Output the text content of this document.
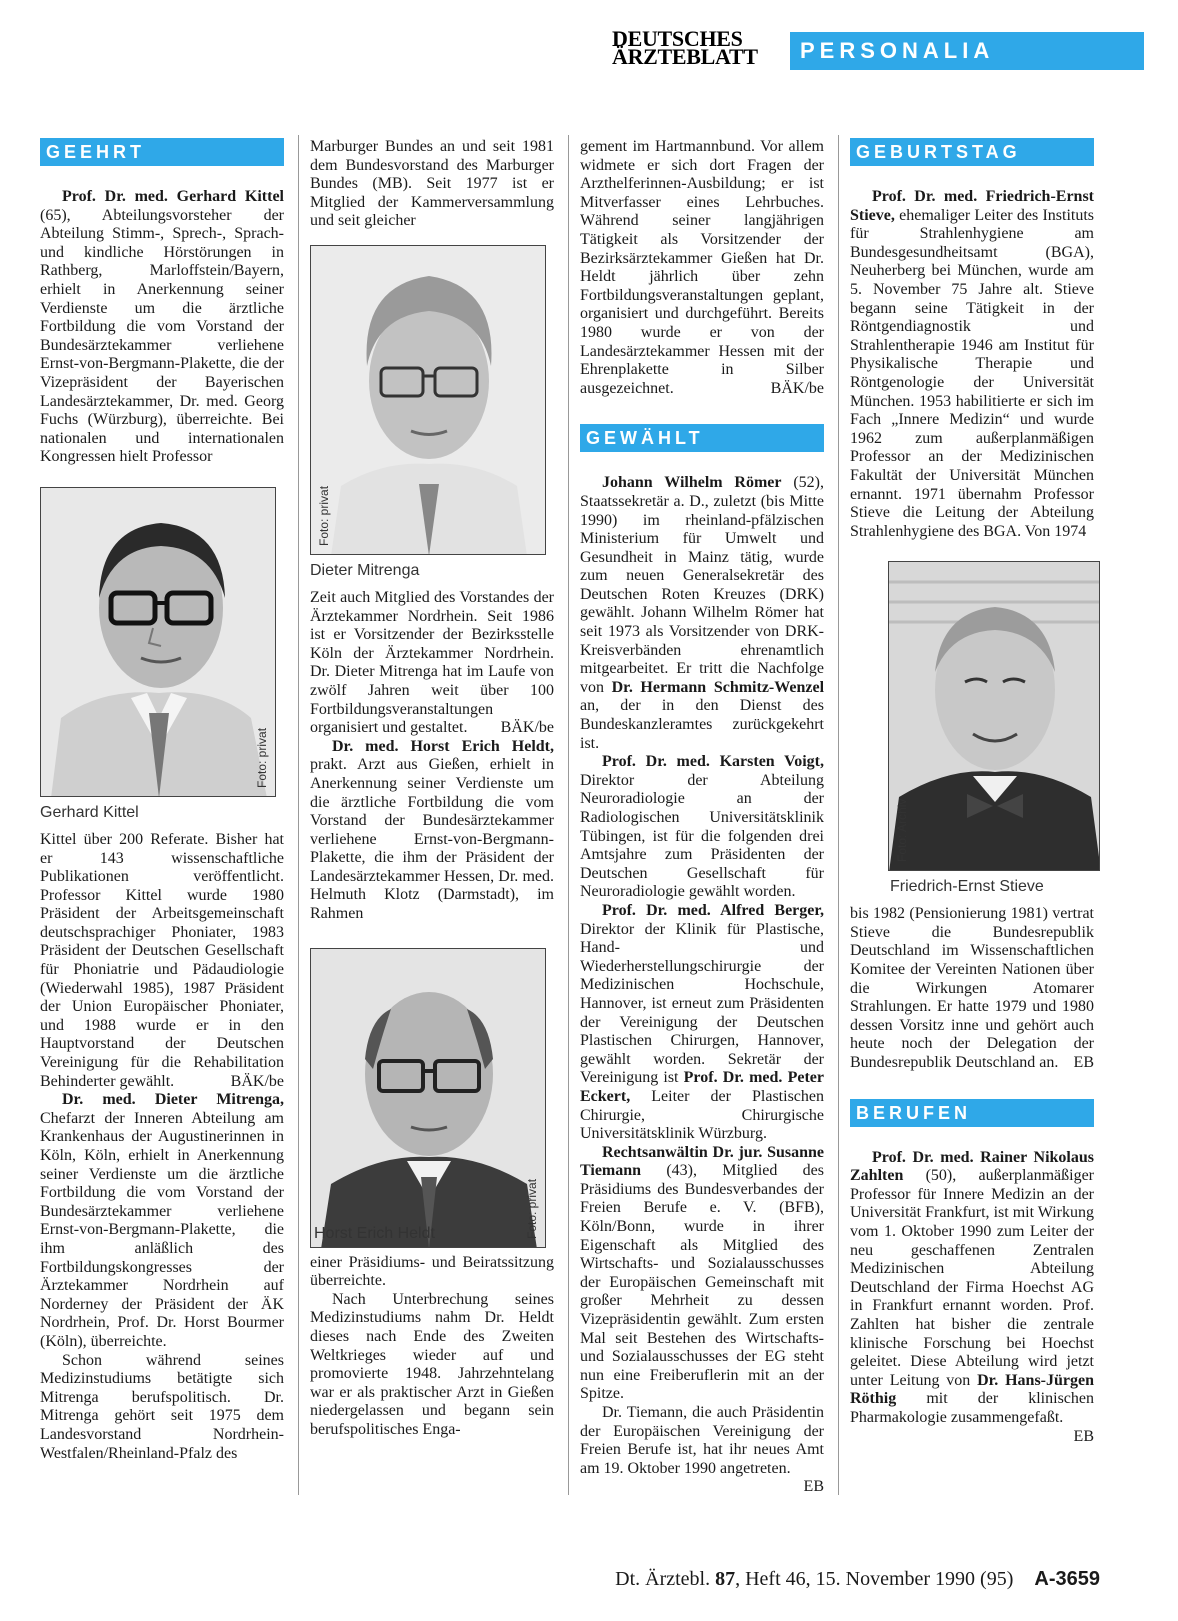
DEUTSCHES
ÄRZTEBLATT	PERSONALIA
GEEHRT

Prof. Dr. med. Gerhard Kittel (65), Abteilungsvorsteher der Abteilung Stimm-, Sprech-, Sprach- und kindliche Hörstörungen in Rathberg, Marloffstein/Bayern, erhielt in Anerkennung seiner Verdienste um die ärztliche Fortbildung die vom Vorstand der Bundesärztekammer verliehene Ernst-von-Bergmann-Plakette, die der Vizepräsident der Bayerischen Landesärztekammer, Dr. med. Georg Fuchs (Würzburg), überreichte. Bei nationalen und internationalen Kongressen hielt Professor

Foto: privat
Gerhard Kittel

Kittel über 200 Referate. Bisher hat er 143 wissenschaftliche Publikationen veröffentlicht. Professor Kittel wurde 1980 Präsident der Arbeitsgemeinschaft deutschsprachiger Phoniater, 1983 Präsident der Deutschen Gesellschaft für Phoniatrie und Pädaudiologie (Wiederwahl 1985), 1987 Präsident der Union Europäischer Phoniater, und 1988 wurde er in den Hauptvorstand der Deutschen Vereinigung für die Rehabilitation Behinderter gewählt.	BÄK/be

Dr. med. Dieter Mitrenga, Chefarzt der Inneren Abteilung am Krankenhaus der Augustinerinnen in Köln, Köln, erhielt in Anerkennung seiner Verdienste um die ärztliche Fortbildung die vom Vorstand der Bundesärztekammer verliehene Ernst-von-Bergmann-Plakette, die ihm anläßlich des Fortbildungskongresses der Ärztekammer Nordrhein auf Norderney der Präsident der ÄK Nordrhein, Prof. Dr. Horst Bourmer (Köln), überreichte.

Schon während seines Medizinstudiums betätigte sich Mitrenga berufspolitisch. Dr. Mitrenga gehört seit 1975 dem Landesvorstand Nordrhein-Westfalen/Rheinland-Pfalz des

Marburger Bundes an und seit 1981 dem Bundesvorstand des Marburger Bundes (MB). Seit 1977 ist er Mitglied der Kammerversammlung und seit gleicher

Foto: privat
Dieter Mitrenga

Zeit auch Mitglied des Vorstandes der Ärztekammer Nordrhein. Seit 1986 ist er Vorsitzender der Bezirksstelle Köln der Ärztekammer Nordrhein. Dr. Dieter Mitrenga hat im Laufe von zwölf Jahren weit über 100 Fortbildungsveranstaltungen organisiert und gestaltet. BÄK/be

Dr. med. Horst Erich Heldt, prakt. Arzt aus Gießen, erhielt in Anerkennung seiner Verdienste um die ärztliche Fortbildung die vom Vorstand der Bundesärztekammer verliehene Ernst-von-Bergmann-Plakette, die ihm der Präsident der Landesärztekammer Hessen, Dr. med. Helmuth Klotz (Darmstadt), im Rahmen

Foto: privat
Horst Erich Heldt

einer Präsidiums- und Beiratssitzung überreichte.

Nach Unterbrechung seines Medizinstudiums nahm Dr. Heldt dieses nach Ende des Zweiten Weltkrieges wieder auf und promovierte 1948. Jahrzehntelang war er als praktischer Arzt in Gießen niedergelassen und begann sein berufspolitisches Enga-

gement im Hartmannbund. Vor allem widmete er sich dort Fragen der Arzthelferinnen-Ausbildung; er ist Mitverfasser eines Lehrbuches. Während seiner langjährigen Tätigkeit als Vorsitzender der Bezirksärztekammer Gießen hat Dr. Heldt jährlich über zehn Fortbildungsveranstaltungen geplant, organisiert und durchgeführt. Bereits 1980 wurde er von der Landesärztekammer Hessen mit der Ehrenplakette in Silber ausgezeichnet.	BÄK/be

GEWÄHLT

Johann Wilhelm Römer (52), Staatssekretär a. D., zuletzt (bis Mitte 1990) im rheinland-pfälzischen Ministerium für Umwelt und Gesundheit in Mainz tätig, wurde zum neuen Generalsekretär des Deutschen Roten Kreuzes (DRK) gewählt. Johann Wilhelm Römer hat seit 1973 als Vorsitzender von DRK-Kreisverbänden ehrenamtlich mitgearbeitet. Er tritt die Nachfolge von Dr. Hermann Schmitz-Wenzel an, der in den Dienst des Bundeskanzleramtes zurückgekehrt ist.

Prof. Dr. med. Karsten Voigt, Direktor der Abteilung Neuroradiologie an der Radiologischen Universitätsklinik Tübingen, ist für die folgenden drei Amtsjahre zum Präsidenten der Deutschen Gesellschaft für Neuroradiologie gewählt worden.

Prof. Dr. med. Alfred Berger, Direktor der Klinik für Plastische, Hand- und Wiederherstellungschirurgie der Medizinischen Hochschule, Hannover, ist erneut zum Präsidenten der Vereinigung der Deutschen Plastischen Chirurgen, Hannover, gewählt worden. Sekretär der Vereinigung ist Prof. Dr. med. Peter Eckert, Leiter der Plastischen Chirurgie, Chirurgische Universitätsklinik Würzburg.

Rechtsanwältin Dr. jur. Susanne Tiemann (43), Mitglied des Präsidiums des Bundesverbandes der Freien Berufe e. V. (BFB), Köln/Bonn, wurde in ihrer Eigenschaft als Mitglied des Wirtschafts- und Sozialausschusses der Europäischen Gemeinschaft mit großer Mehrheit zu dessen Vizepräsidentin gewählt. Zum ersten Mal seit Bestehen des Wirtschafts- und Sozialausschusses der EG steht nun eine Freiberuflerin mit an der Spitze.

Dr. Tiemann, die auch Präsidentin der Europäischen Vereinigung der Freien Berufe ist, hat ihr neues Amt am 19. Oktober 1990 angetreten.
EB

GEBURTSTAG

Prof. Dr. med. Friedrich-Ernst Stieve, ehemaliger Leiter des Instituts für Strahlenhygiene am Bundesgesundheitsamt (BGA), Neuherberg bei München, wurde am 5. November 75 Jahre alt. Stieve begann seine Tätigkeit in der Röntgendiagnostik und Strahlentherapie 1946 am Institut für Physikalische Therapie und Röntgenologie der Universität München. 1953 habilitierte er sich im Fach „Innere Medizin“ und wurde 1962 zum außerplanmäßigen Professor an der Medizinischen Fakultät der Universität München ernannt. 1971 übernahm Professor Stieve die Leitung der Abteilung Strahlenhygiene des BGA. Von 1974

Foto: Archiv
Friedrich-Ernst Stieve

bis 1982 (Pensionierung 1981) vertrat Stieve die Bundesrepublik Deutschland im Wissenschaftlichen Komitee der Vereinten Nationen über die Wirkungen Atomarer Strahlungen. Er hatte 1979 und 1980 dessen Vorsitz inne und gehört auch heute noch der Delegation der Bundesrepublik Deutschland an. EB

BERUFEN

Prof. Dr. med. Rainer Nikolaus Zahlten (50), außerplanmäßiger Professor für Innere Medizin an der Universität Frankfurt, ist mit Wirkung vom 1. Oktober 1990 zum Leiter der neu geschaffenen Zentralen Medizinischen Abteilung Deutschland der Firma Hoechst AG in Frankfurt ernannt worden. Prof. Zahlten hat bisher die zentrale klinische Forschung bei Hoechst geleitet. Diese Abteilung wird jetzt unter Leitung von Dr. Hans-Jürgen Röthig mit der klinischen Pharmakologie zusammengefaßt.
EB

Dt. Ärztebl. 87, Heft 46, 15. November 1990 (95) A-3659
